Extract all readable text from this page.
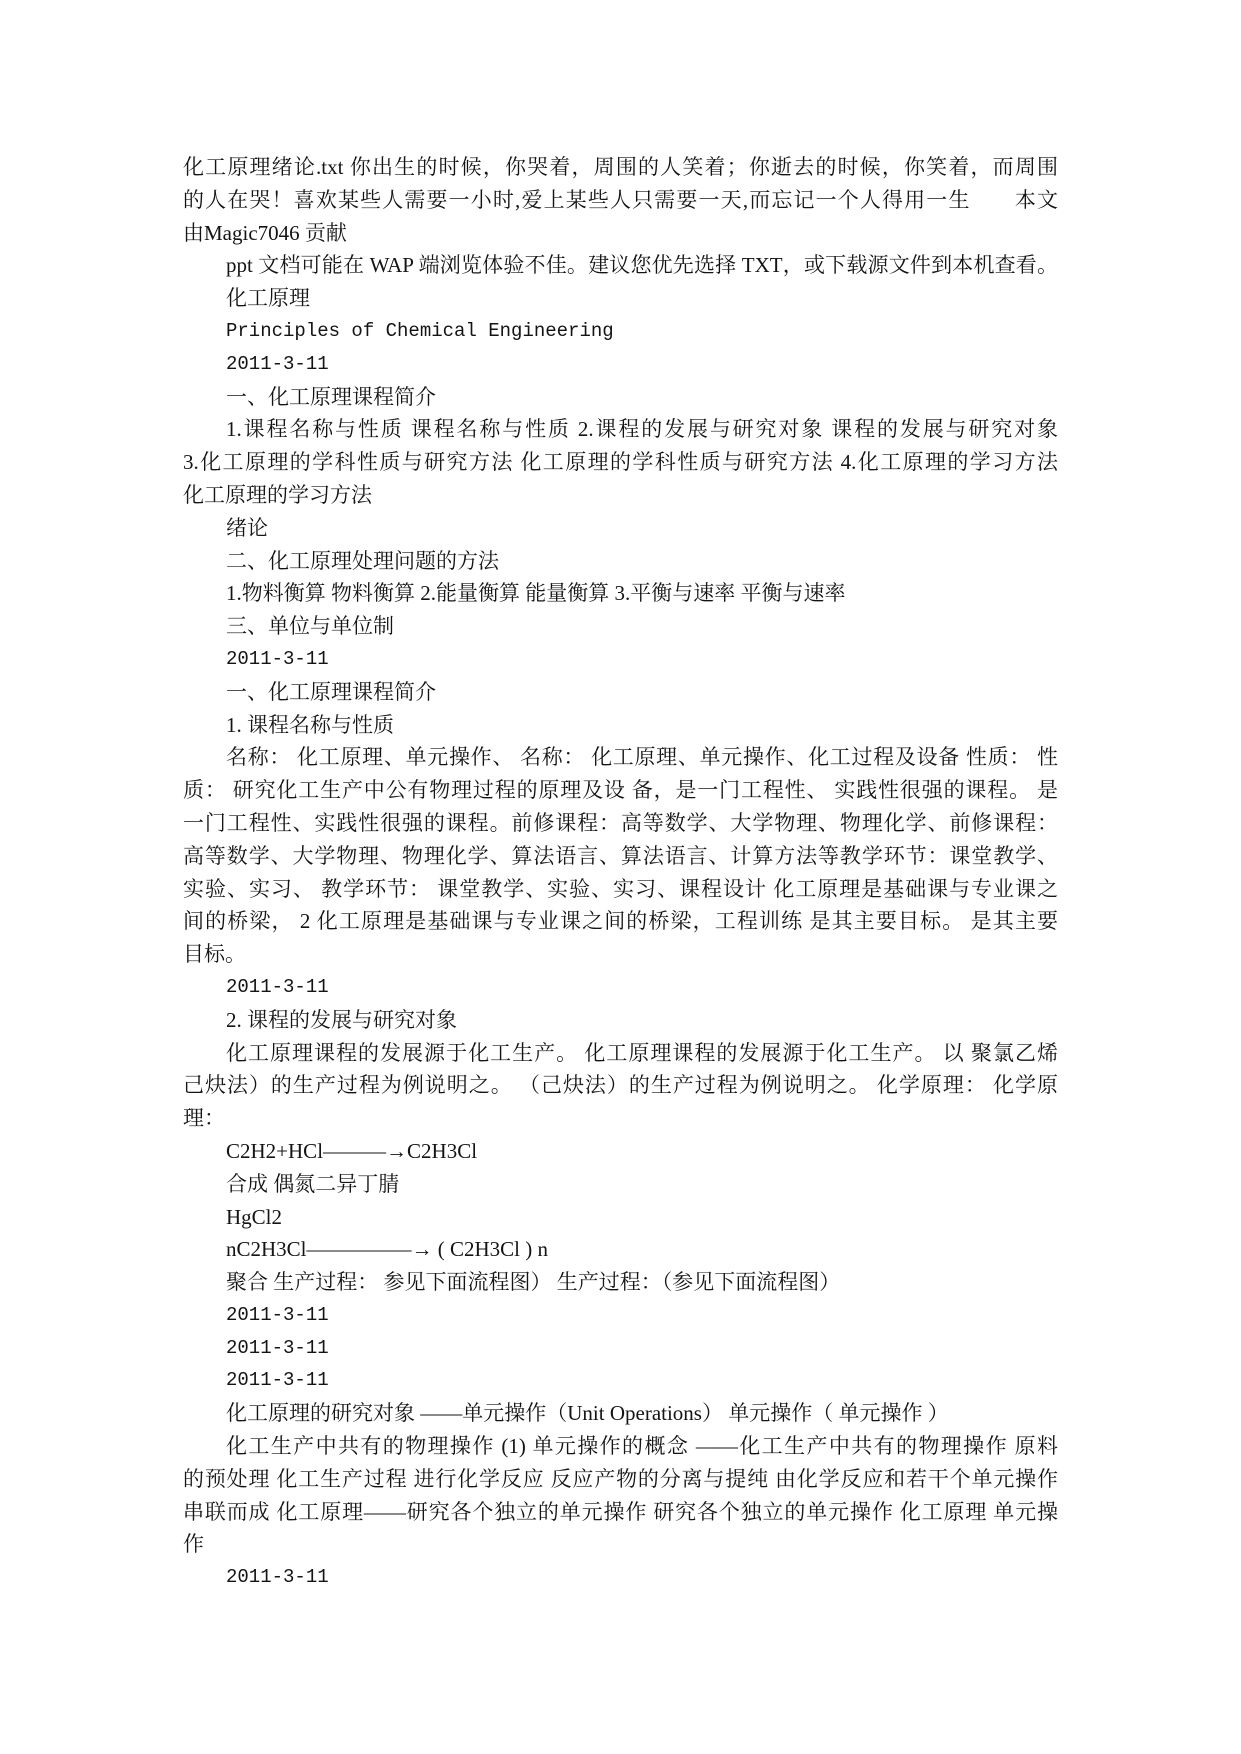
化工原理绪论.txt 你出生的时候，你哭着，周围的人笑着；你逝去的时候，你笑着，而周围
的人在哭！喜欢某些人需要一小时,爱上某些人只需要一天,而忘记一个人得用一生　　本文
由Magic7046 贡献
ppt 文档可能在 WAP 端浏览体验不佳。建议您优先选择 TXT，或下载源文件到本机查看。
化工原理
Principles of Chemical Engineering
2011-3-11
一、化工原理课程简介
1.课程名称与性质 课程名称与性质 2.课程的发展与研究对象 课程的发展与研究对象
3.化工原理的学科性质与研究方法 化工原理的学科性质与研究方法 4.化工原理的学习方法
化工原理的学习方法
绪论
二、化工原理处理问题的方法
1.物料衡算 物料衡算 2.能量衡算 能量衡算 3.平衡与速率 平衡与速率
三、单位与单位制
2011-3-11
一、化工原理课程简介
1. 课程名称与性质
名称： 化工原理、单元操作、 名称： 化工原理、单元操作、化工过程及设备 性质： 性
质： 研究化工生产中公有物理过程的原理及设 备，是一门工程性、 实践性很强的课程。 是
一门工程性、实践性很强的课程。前修课程：高等数学、大学物理、物理化学、前修课程：
高等数学、大学物理、物理化学、算法语言、算法语言、计算方法等教学环节：课堂教学、
实验、实习、 教学环节： 课堂教学、实验、实习、课程设计 化工原理是基础课与专业课之
间的桥梁， 2 化工原理是基础课与专业课之间的桥梁，工程训练 是其主要目标。 是其主要
目标。
2011-3-11
2. 课程的发展与研究对象
化工原理课程的发展源于化工生产。 化工原理课程的发展源于化工生产。 以 聚氯乙烯
己炔法）的生产过程为例说明之。 （己炔法）的生产过程为例说明之。 化学原理： 化学原
理：
C2H2+HCl———→C2H3Cl
合成 偶氮二异丁腈
HgCl2
nC2H3Cl—————→ ( C2H3Cl ) n
聚合 生产过程： 参见下面流程图） 生产过程：（参见下面流程图）
2011-3-11
2011-3-11
2011-3-11
化工原理的研究对象 ——单元操作（Unit Operations） 单元操作（ 单元操作 ）
化工生产中共有的物理操作 (1) 单元操作的概念 ——化工生产中共有的物理操作 原料
的预处理 化工生产过程 进行化学反应 反应产物的分离与提纯 由化学反应和若干个单元操作
串联而成 化工原理——研究各个独立的单元操作 研究各个独立的单元操作 化工原理 单元操
作
2011-3-11
